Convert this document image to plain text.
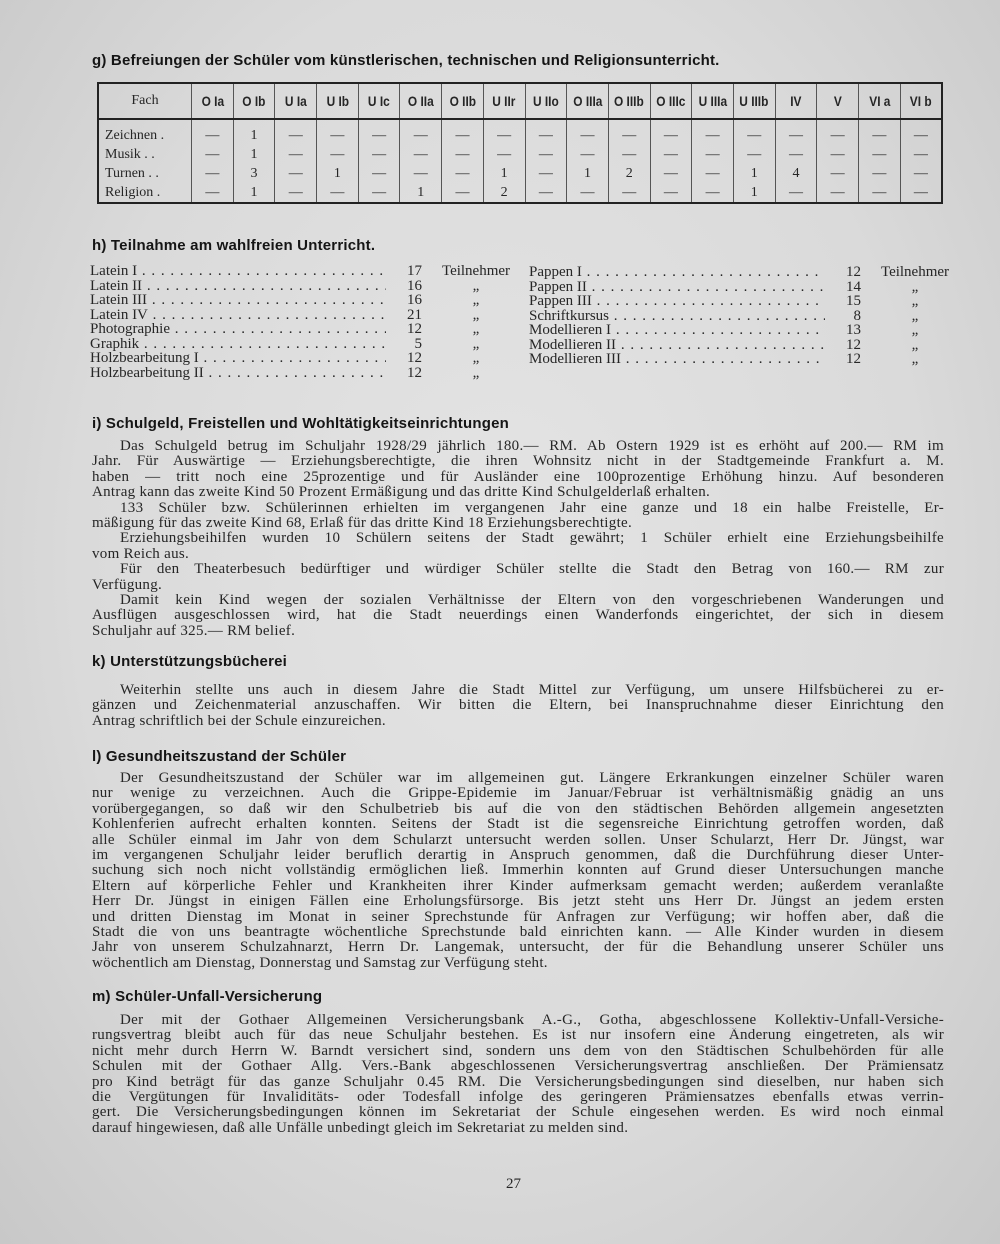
g) Befreiungen der Schüler vom künstlerischen, technischen und Religionsunterricht.
Fach	O Ia	O Ib	U Ia	U Ib	U Ic	O IIa	O IIb	U IIr	U IIo	O IIIa	O IIIb	O IIIc	U IIIa	U IIIb	IV	V	VI a	VI b
Zeichnen .	—	1	—	—	—	—	—	—	—	—	—	—	—	—	—	—	—	—
Musik . .	—	1	—	—	—	—	—	—	—	—	—	—	—	—	—	—	—	—
Turnen . .	—	3	—	1	—	—	—	1	—	1	2	—	—	1	4	—	—	—
Religion .	—	1	—	—	—	1	—	2	—	—	—	—	—	1	—	—	—	—
h) Teilnahme am wahlfreien Unterricht.
Latein I . . .	17	Teilnehmer
Latein II . . .	16	„
Latein III . . .	16	„
Latein IV . . .	21	„
Photographie . . .	12	„
Graphik . . .	5	„
Holzbearbeitung I . . .	12	„
Holzbearbeitung II . . .	12	„
Pappen I . . .	12	Teilnehmer
Pappen II . . .	14	„
Pappen III . . .	15	„
Schriftkursus . . .	8	„
Modellieren I . . .	13	„
Modellieren II . . .	12	„
Modellieren III . . .	12	„
i) Schulgeld, Freistellen und Wohltätigkeitseinrichtungen
Das Schulgeld betrug im Schuljahr 1928/29 jährlich 180.— RM. Ab Ostern 1929 ist es erhöht auf 200.— RM im
Jahr. Für Auswärtige — Erziehungsberechtigte, die ihren Wohnsitz nicht in der Stadtgemeinde Frankfurt a. M.
haben — tritt noch eine 25prozentige und für Ausländer eine 100prozentige Erhöhung hinzu. Auf besonderen
Antrag kann das zweite Kind 50 Prozent Ermäßigung und das dritte Kind Schulgelderlaß erhalten.
133 Schüler bzw. Schülerinnen erhielten im vergangenen Jahr eine ganze und 18 ein halbe Freistelle, Er-
mäßigung für das zweite Kind 68, Erlaß für das dritte Kind 18 Erziehungsberechtigte.
Erziehungsbeihilfen wurden 10 Schülern seitens der Stadt gewährt; 1 Schüler erhielt eine Erziehungsbeihilfe
vom Reich aus.
Für den Theaterbesuch bedürftiger und würdiger Schüler stellte die Stadt den Betrag von 160.— RM zur
Verfügung.
Damit kein Kind wegen der sozialen Verhältnisse der Eltern von den vorgeschriebenen Wanderungen und
Ausflügen ausgeschlossen wird, hat die Stadt neuerdings einen Wanderfonds eingerichtet, der sich in diesem
Schuljahr auf 325.— RM belief.
k) Unterstützungsbücherei
Weiterhin stellte uns auch in diesem Jahre die Stadt Mittel zur Verfügung, um unsere Hilfsbücherei zu er-
gänzen und Zeichenmaterial anzuschaffen. Wir bitten die Eltern, bei Inanspruchnahme dieser Einrichtung den
Antrag schriftlich bei der Schule einzureichen.
l) Gesundheitszustand der Schüler
Der Gesundheitszustand der Schüler war im allgemeinen gut. Längere Erkrankungen einzelner Schüler waren
nur wenige zu verzeichnen. Auch die Grippe-Epidemie im Januar/Februar ist verhältnismäßig gnädig an uns
vorübergegangen, so daß wir den Schulbetrieb bis auf die von den städtischen Behörden allgemein angesetzten
Kohlenferien aufrecht erhalten konnten. Seitens der Stadt ist die segensreiche Einrichtung getroffen worden, daß
alle Schüler einmal im Jahr von dem Schularzt untersucht werden sollen. Unser Schularzt, Herr Dr. Jüngst, war
im vergangenen Schuljahr leider beruflich derartig in Anspruch genommen, daß die Durchführung dieser Unter-
suchung sich noch nicht vollständig ermöglichen ließ. Immerhin konnten auf Grund dieser Untersuchungen manche
Eltern auf körperliche Fehler und Krankheiten ihrer Kinder aufmerksam gemacht werden; außerdem veranlaßte
Herr Dr. Jüngst in einigen Fällen eine Erholungsfürsorge. Bis jetzt steht uns Herr Dr. Jüngst an jedem ersten
und dritten Dienstag im Monat in seiner Sprechstunde für Anfragen zur Verfügung; wir hoffen aber, daß die
Stadt die von uns beantragte wöchentliche Sprechstunde bald einrichten kann. — Alle Kinder wurden in diesem
Jahr von unserem Schulzahnarzt, Herrn Dr. Langemak, untersucht, der für die Behandlung unserer Schüler uns
wöchentlich am Dienstag, Donnerstag und Samstag zur Verfügung steht.
m) Schüler-Unfall-Versicherung
Der mit der Gothaer Allgemeinen Versicherungsbank A.-G., Gotha, abgeschlossene Kollektiv-Unfall-Versiche-
rungsvertrag bleibt auch für das neue Schuljahr bestehen. Es ist nur insofern eine Änderung eingetreten, als wir
nicht mehr durch Herrn W. Barndt versichert sind, sondern uns dem von den Städtischen Schulbehörden für alle
Schulen mit der Gothaer Allg. Vers.-Bank abgeschlossenen Versicherungsvertrag anschließen. Der Prämiensatz
pro Kind beträgt für das ganze Schuljahr 0.45 RM. Die Versicherungsbedingungen sind dieselben, nur haben sich
die Vergütungen für Invaliditäts- oder Todesfall infolge des geringeren Prämiensatzes ebenfalls etwas verrin-
gert. Die Versicherungsbedingungen können im Sekretariat der Schule eingesehen werden. Es wird noch einmal
darauf hingewiesen, daß alle Unfälle unbedingt gleich im Sekretariat zu melden sind.
27
